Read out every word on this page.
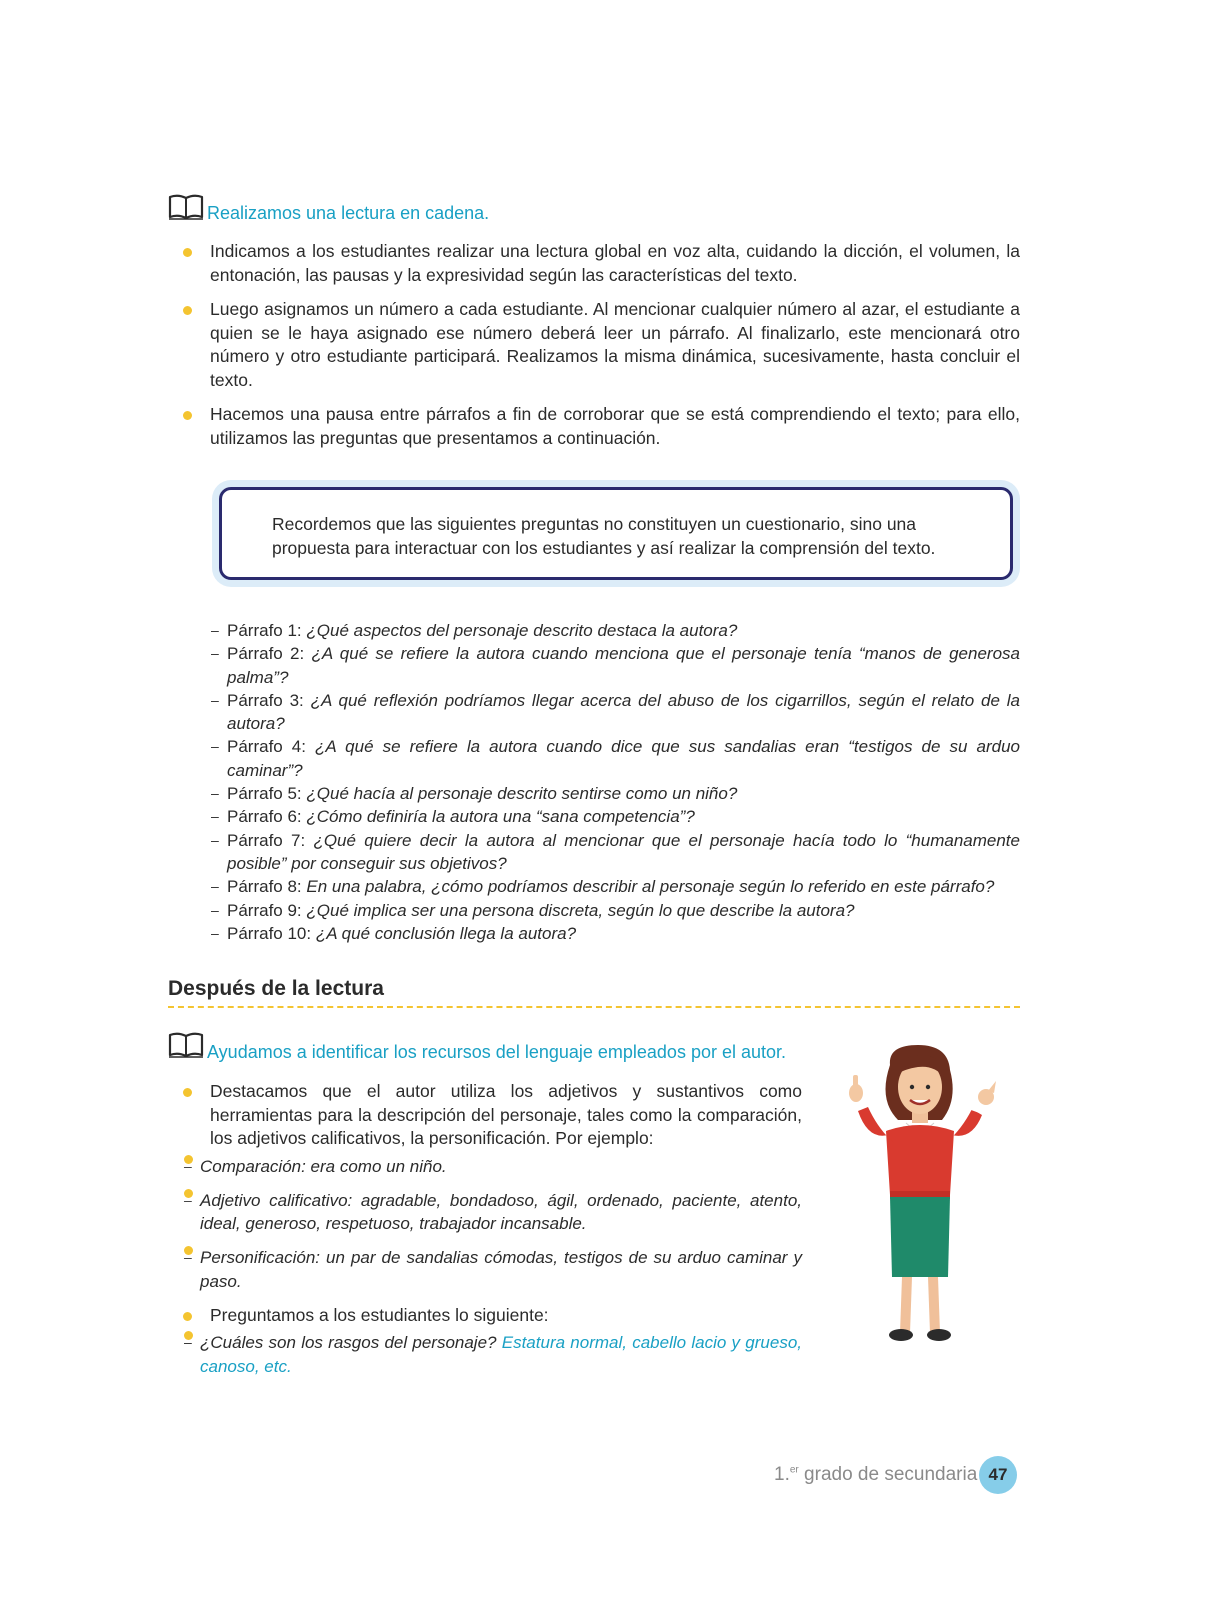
Realizamos una lectura en cadena.
Indicamos a los estudiantes realizar una lectura global en voz alta, cuidando la dicción, el volumen, la entonación, las pausas y la expresividad según las características del texto.
Luego asignamos un número a cada estudiante. Al mencionar cualquier número al azar, el estudiante a quien se le haya asignado ese número deberá leer un párrafo. Al finalizarlo, este mencionará otro número y otro estudiante participará. Realizamos la misma dinámica, sucesivamente, hasta concluir el texto.
Hacemos una pausa entre párrafos a fin de corroborar que se está comprendiendo el texto; para ello, utilizamos las preguntas que presentamos a continuación.
Recordemos que las siguientes preguntas no constituyen un cuestionario, sino una propuesta para interactuar con los estudiantes y así realizar la comprensión del texto.
– Párrafo 1: ¿Qué aspectos del personaje descrito destaca la autora?
– Párrafo 2: ¿A qué se refiere la autora cuando menciona que el personaje tenía “manos de generosa palma”?
– Párrafo 3: ¿A qué reflexión podríamos llegar acerca del abuso de los cigarrillos, según el relato de la autora?
– Párrafo 4: ¿A qué se refiere la autora cuando dice que sus sandalias eran “testigos de su arduo caminar”?
– Párrafo 5: ¿Qué hacía al personaje descrito sentirse como un niño?
– Párrafo 6: ¿Cómo definiría la autora una “sana competencia”?
– Párrafo 7: ¿Qué quiere decir la autora al mencionar que el personaje hacía todo lo “humanamente posible” por conseguir sus objetivos?
– Párrafo 8: En una palabra, ¿cómo podríamos describir al personaje según lo referido en este párrafo?
– Párrafo 9: ¿Qué implica ser una persona discreta, según lo que describe la autora?
– Párrafo 10: ¿A qué conclusión llega la autora?
Después de la lectura
Ayudamos a identificar los recursos del lenguaje empleados por el autor.
Destacamos que el autor utiliza los adjetivos y sustantivos como herramientas para la descripción del personaje, tales como la comparación, los adjetivos calificativos, la personificación. Por ejemplo:
– Comparación: era como un niño.
– Adjetivo calificativo: agradable, bondadoso, ágil, ordenado, paciente, atento, ideal, generoso, respetuoso, trabajador incansable.
– Personificación: un par de sandalias cómodas, testigos de su arduo caminar y paso.
Preguntamos a los estudiantes lo siguiente:
– ¿Cuáles son los rasgos del personaje? Estatura normal, cabello lacio y grueso, canoso, etc.
1.$^{er}$ grado de secundaria 47
